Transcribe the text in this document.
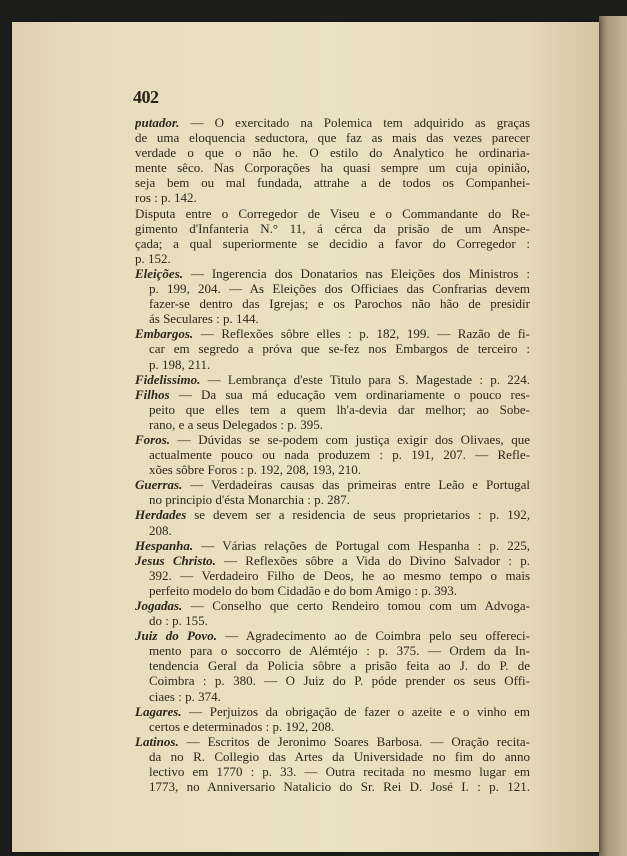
402
putador. — O exercitado na Polemica tem adquirido as graças
de uma eloquencia seductora, que faz as mais das vezes parecer
verdade o que o não he. O estilo do Analytico he ordinaria-
mente sêco. Nas Corporações ha quasi sempre um cuja opinião,
seja bem ou mal fundada, attrahe a de todos os Companhei-
ros : p. 142.
Disputa entre o Corregedor de Viseu e o Commandante do Re-
gimento d'Infanteria N.° 11, á cérca da prisão de um Anspe-
çada; a qual superiormente se decidio a favor do Corregedor :
p. 152.
Eleições. — Ingerencia dos Donatarios nas Eleições dos Ministros :
p. 199, 204. — As Eleições dos Officiaes das Confrarias devem
fazer-se dentro das Igrejas; e os Parochos não hão de presidir
ás Seculares : p. 144.
Embargos. — Reflexões sôbre elles : p. 182, 199. — Razão de fi-
car em segredo a próva que se-fez nos Embargos de terceiro :
p. 198, 211.
Fidelissimo. — Lembrança d'este Titulo para S. Magestade : p. 224.
Filhos — Da sua má educação vem ordinariamente o pouco res-
peito que elles tem a quem lh'a-devia dar melhor; ao Sobe-
rano, e a seus Delegados : p. 395.
Foros. — Dúvidas se se-podem com justiça exigir dos Olivaes, que
actualmente pouco ou nada produzem : p. 191, 207. — Refle-
xões sôbre Foros : p. 192, 208, 193, 210.
Guerras. — Verdadeiras causas das primeiras entre Leão e Portugal
no principio d'ésta Monarchia : p. 287.
Herdades se devem ser a residencia de seus proprietarios : p. 192,
208.
Hespanha. — Várias relações de Portugal com Hespanha : p. 225,
Jesus Christo. — Reflexões sôbre a Vida do Divino Salvador : p.
392. — Verdadeiro Filho de Deos, he ao mesmo tempo o mais
perfeito modelo do bom Cidadão e do bom Amigo : p. 393.
Jogadas. — Conselho que certo Rendeiro tomou com um Advoga-
do : p. 155.
Juiz do Povo. — Agradecimento ao de Coimbra pelo seu offereci-
mento para o soccorro de Alémtéjo : p. 375. — Ordem da In-
tendencia Geral da Policia sôbre a prisão feita ao J. do P. de
Coimbra : p. 380. — O Juiz do P. póde prender os seus Offi-
ciaes : p. 374.
Lagares. — Perjuizos da obrigação de fazer o azeite e o vinho em
certos e determinados : p. 192, 208.
Latinos. — Escritos de Jeronimo Soares Barbosa. — Oração recita-
da no R. Collegio das Artes da Universidade no fim do anno
lectivo em 1770 : p. 33. — Outra recitada no mesmo lugar em
1773, no Anniversario Natalicio do Sr. Rei D. José I. : p. 121.
